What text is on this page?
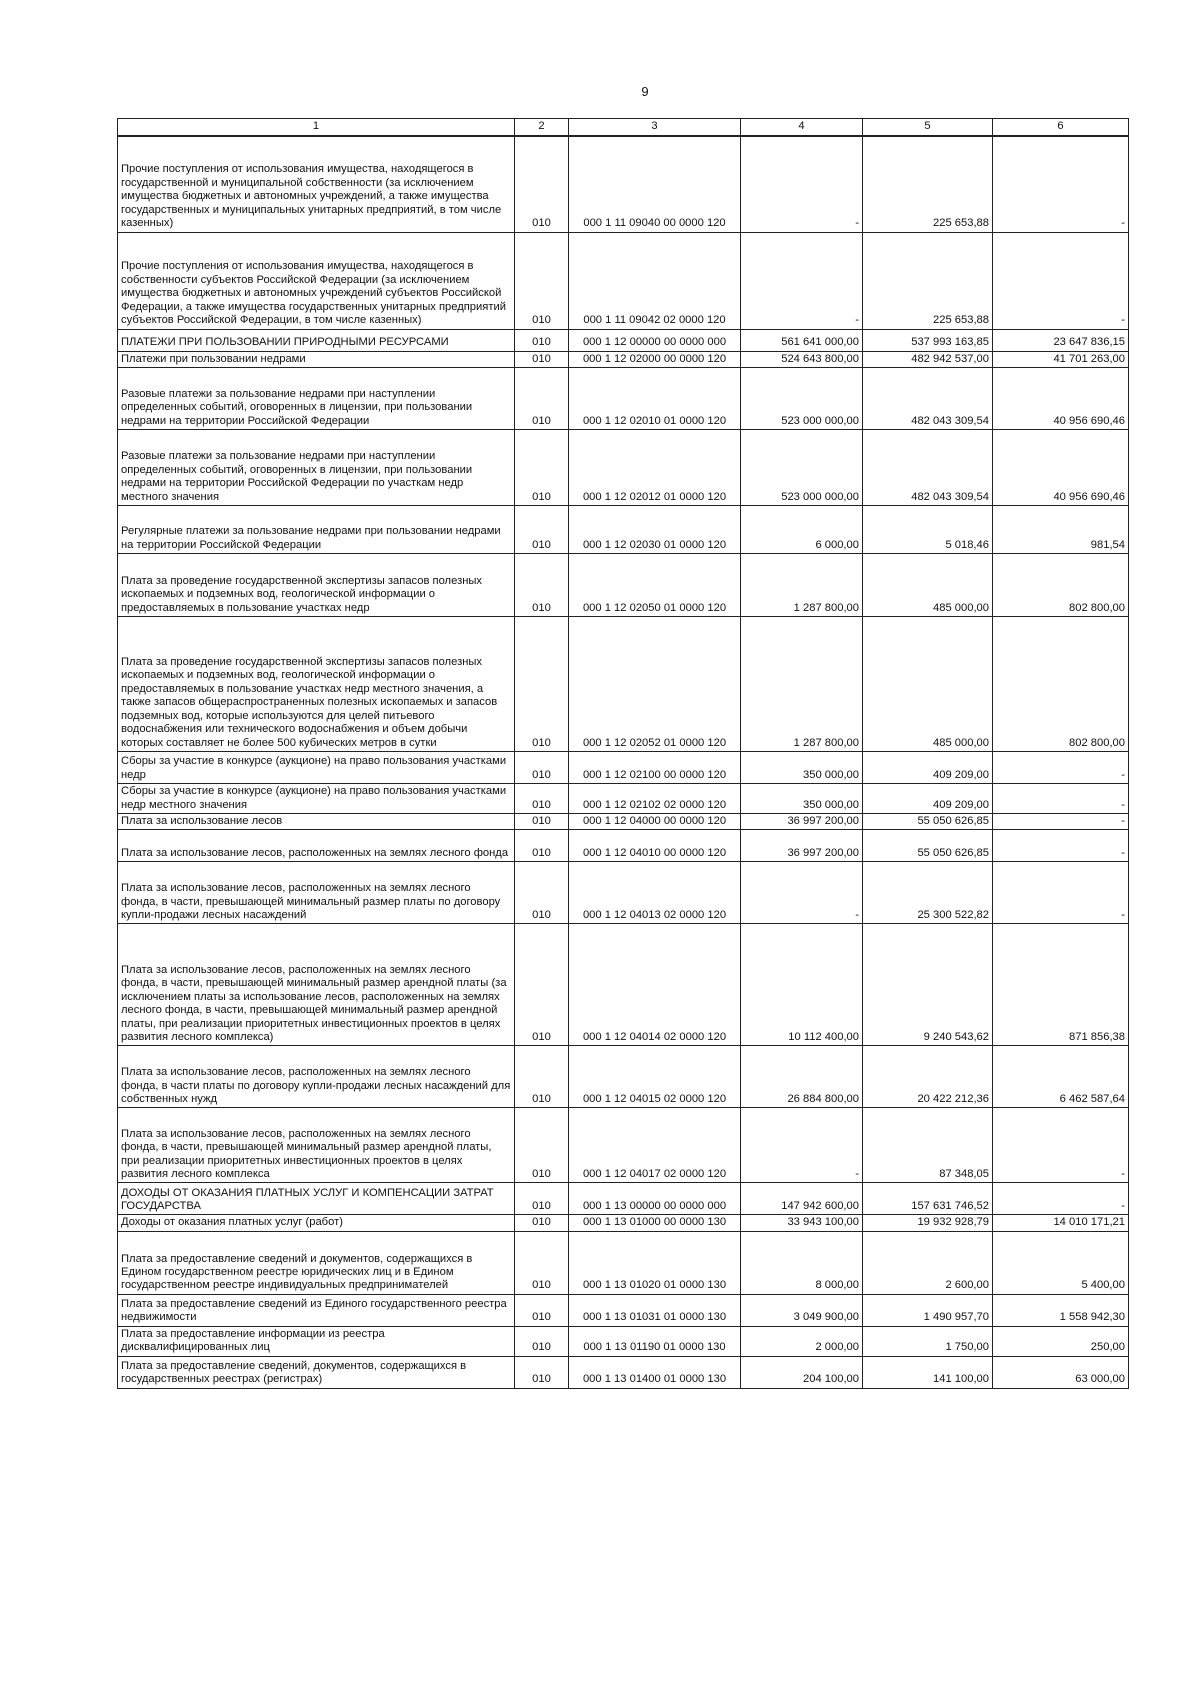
9
1	2	3	4	5	6
Прочие поступления от использования имущества, находящегося в государственной и муниципальной собственности (за исключением имущества бюджетных и автономных учреждений, а также имущества государственных и муниципальных унитарных предприятий, в том числе казенных)	010	000 1 11 09040 00 0000 120	-	225 653,88	-
Прочие поступления от использования имущества, находящегося в собственности субъектов Российской Федерации (за исключением имущества бюджетных и автономных учреждений субъектов Российской Федерации, а также имущества государственных унитарных предприятий субъектов Российской Федерации, в том числе казенных)	010	000 1 11 09042 02 0000 120	-	225 653,88	-
ПЛАТЕЖИ ПРИ ПОЛЬЗОВАНИИ ПРИРОДНЫМИ РЕСУРСАМИ	010	000 1 12 00000 00 0000 000	561 641 000,00	537 993 163,85	23 647 836,15
Платежи при пользовании недрами	010	000 1 12 02000 00 0000 120	524 643 800,00	482 942 537,00	41 701 263,00
Разовые платежи за пользование недрами при наступлении определенных событий, оговоренных в лицензии, при пользовании недрами на территории Российской Федерации	010	000 1 12 02010 01 0000 120	523 000 000,00	482 043 309,54	40 956 690,46
Разовые платежи за пользование недрами при наступлении определенных событий, оговоренных в лицензии, при пользовании недрами на территории Российской Федерации по участкам недр местного значения	010	000 1 12 02012 01 0000 120	523 000 000,00	482 043 309,54	40 956 690,46
Регулярные платежи за пользование недрами при пользовании недрами на территории Российской Федерации	010	000 1 12 02030 01 0000 120	6 000,00	5 018,46	981,54
Плата за проведение государственной экспертизы запасов полезных ископаемых и подземных вод, геологической информации о предоставляемых в пользование участках недр	010	000 1 12 02050 01 0000 120	1 287 800,00	485 000,00	802 800,00
Плата за проведение государственной экспертизы запасов полезных ископаемых и подземных вод, геологической информации о предоставляемых в пользование участках недр местного значения, а также запасов общераспространенных полезных ископаемых и запасов подземных вод, которые используются для целей питьевого водоснабжения или технического водоснабжения и объем добычи которых составляет не более 500 кубических метров в сутки	010	000 1 12 02052 01 0000 120	1 287 800,00	485 000,00	802 800,00
Сборы за участие в конкурсе (аукционе) на право пользования участками недр	010	000 1 12 02100 00 0000 120	350 000,00	409 209,00	-
Сборы за участие в конкурсе (аукционе) на право пользования участками недр местного значения	010	000 1 12 02102 02 0000 120	350 000,00	409 209,00	-
Плата за использование лесов	010	000 1 12 04000 00 0000 120	36 997 200,00	55 050 626,85	-
Плата за использование лесов, расположенных на землях лесного фонда	010	000 1 12 04010 00 0000 120	36 997 200,00	55 050 626,85	-
Плата за использование лесов, расположенных на землях лесного фонда, в части, превышающей минимальный размер платы по договору купли-продажи лесных насаждений	010	000 1 12 04013 02 0000 120	-	25 300 522,82	-
Плата за использование лесов, расположенных на землях лесного фонда, в части, превышающей минимальный размер арендной платы (за исключением платы за использование лесов, расположенных на землях лесного фонда, в части, превышающей минимальный размер арендной платы, при реализации приоритетных инвестиционных проектов в целях развития лесного комплекса)	010	000 1 12 04014 02 0000 120	10 112 400,00	9 240 543,62	871 856,38
Плата за использование лесов, расположенных на землях лесного фонда, в части платы по договору купли-продажи лесных насаждений для собственных нужд	010	000 1 12 04015 02 0000 120	26 884 800,00	20 422 212,36	6 462 587,64
Плата за использование лесов, расположенных на землях лесного фонда, в части, превышающей минимальный размер арендной платы, при реализации приоритетных инвестиционных проектов в целях развития лесного комплекса	010	000 1 12 04017 02 0000 120	-	87 348,05	-
ДОХОДЫ ОТ ОКАЗАНИЯ ПЛАТНЫХ УСЛУГ И КОМПЕНСАЦИИ ЗАТРАТ ГОСУДАРСТВА	010	000 1 13 00000 00 0000 000	147 942 600,00	157 631 746,52	-
Доходы от оказания платных услуг (работ)	010	000 1 13 01000 00 0000 130	33 943 100,00	19 932 928,79	14 010 171,21
Плата за предоставление сведений и документов, содержащихся в Едином государственном реестре юридических лиц и в Едином государственном реестре индивидуальных предпринимателей	010	000 1 13 01020 01 0000 130	8 000,00	2 600,00	5 400,00
Плата за предоставление сведений из Единого государственного реестра недвижимости	010	000 1 13 01031 01 0000 130	3 049 900,00	1 490 957,70	1 558 942,30
Плата за предоставление информации из реестра дисквалифицированных лиц	010	000 1 13 01190 01 0000 130	2 000,00	1 750,00	250,00
Плата за предоставление сведений, документов, содержащихся в государственных реестрах (регистрах)	010	000 1 13 01400 01 0000 130	204 100,00	141 100,00	63 000,00
